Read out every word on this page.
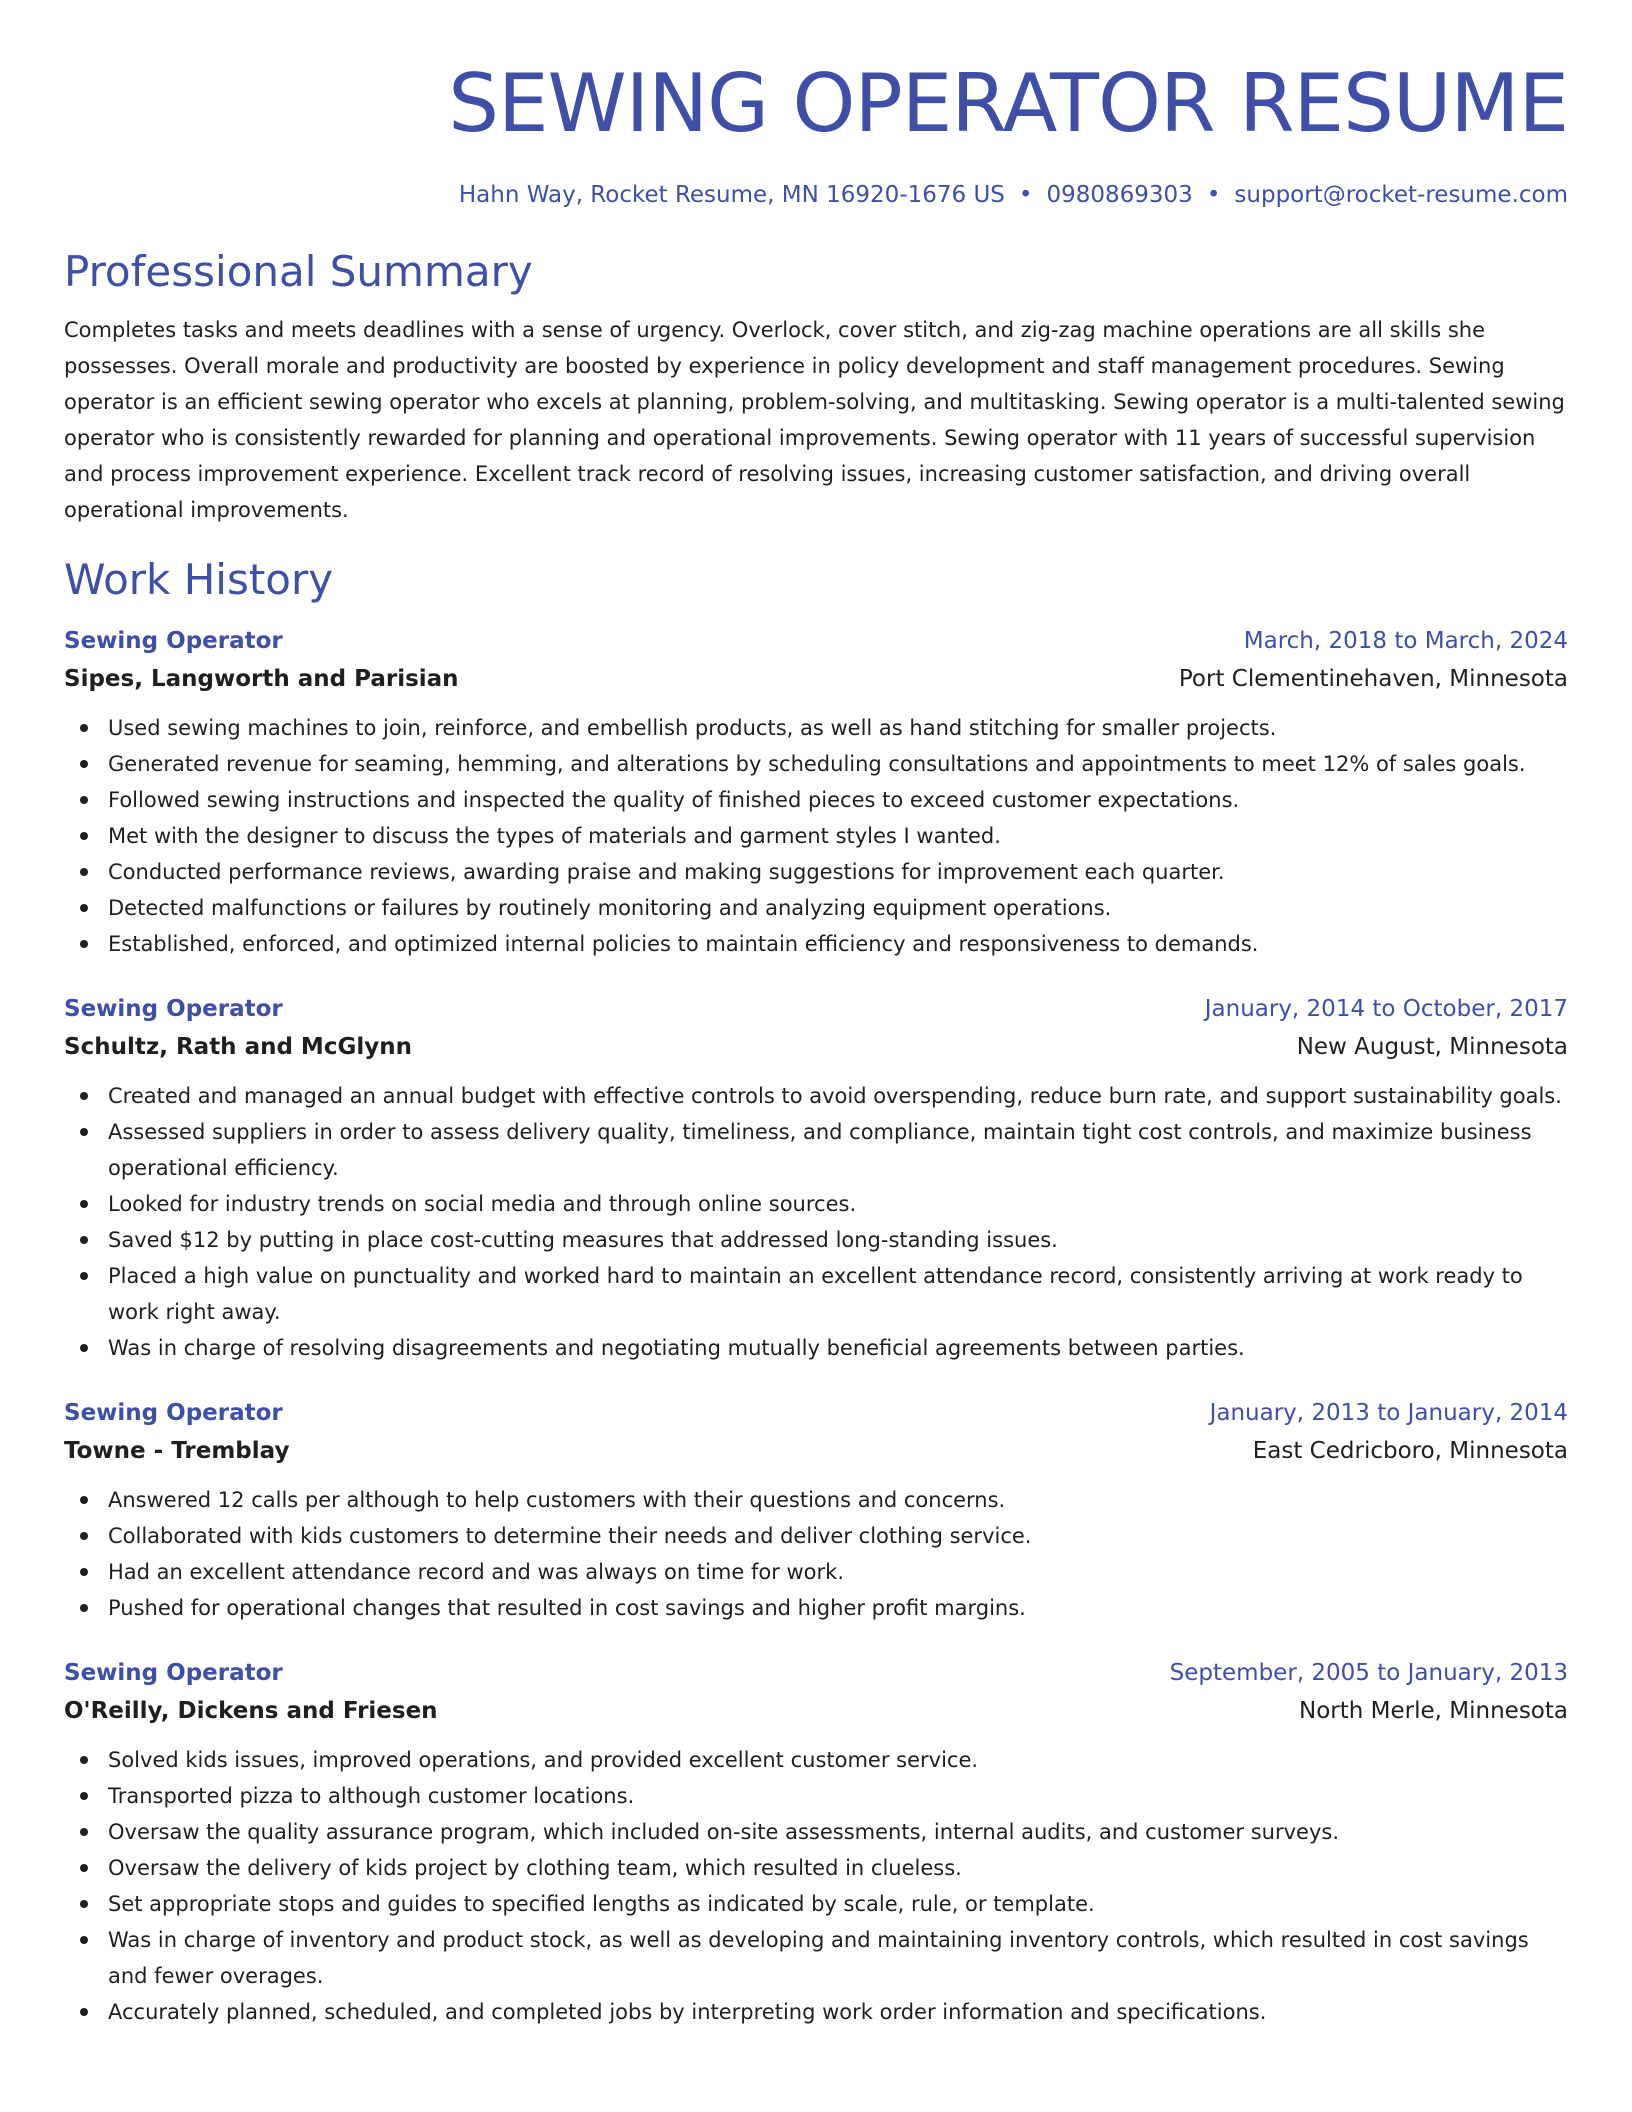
SEWING OPERATOR RESUME
Hahn Way, Rocket Resume, MN 16920-1676 US • 0980869303 • support@rocket-resume.com
Professional Summary
Completes tasks and meets deadlines with a sense of urgency. Overlock, cover stitch, and zig-zag machine operations are all skills she possesses. Overall morale and productivity are boosted by experience in policy development and staff management procedures. Sewing operator is an efficient sewing operator who excels at planning, problem-solving, and multitasking. Sewing operator is a multi-talented sewing operator who is consistently rewarded for planning and operational improvements. Sewing operator with 11 years of successful supervision and process improvement experience. Excellent track record of resolving issues, increasing customer satisfaction, and driving overall operational improvements.
Work History
Sewing Operator	March, 2018 to March, 2024
Sipes, Langworth and Parisian	Port Clementinehaven, Minnesota
Used sewing machines to join, reinforce, and embellish products, as well as hand stitching for smaller projects.
Generated revenue for seaming, hemming, and alterations by scheduling consultations and appointments to meet 12% of sales goals.
Followed sewing instructions and inspected the quality of finished pieces to exceed customer expectations.
Met with the designer to discuss the types of materials and garment styles I wanted.
Conducted performance reviews, awarding praise and making suggestions for improvement each quarter.
Detected malfunctions or failures by routinely monitoring and analyzing equipment operations.
Established, enforced, and optimized internal policies to maintain efficiency and responsiveness to demands.
Sewing Operator	January, 2014 to October, 2017
Schultz, Rath and McGlynn	New August, Minnesota
Created and managed an annual budget with effective controls to avoid overspending, reduce burn rate, and support sustainability goals.
Assessed suppliers in order to assess delivery quality, timeliness, and compliance, maintain tight cost controls, and maximize business operational efficiency.
Looked for industry trends on social media and through online sources.
Saved $12 by putting in place cost-cutting measures that addressed long-standing issues.
Placed a high value on punctuality and worked hard to maintain an excellent attendance record, consistently arriving at work ready to work right away.
Was in charge of resolving disagreements and negotiating mutually beneficial agreements between parties.
Sewing Operator	January, 2013 to January, 2014
Towne - Tremblay	East Cedricboro, Minnesota
Answered 12 calls per although to help customers with their questions and concerns.
Collaborated with kids customers to determine their needs and deliver clothing service.
Had an excellent attendance record and was always on time for work.
Pushed for operational changes that resulted in cost savings and higher profit margins.
Sewing Operator	September, 2005 to January, 2013
O'Reilly, Dickens and Friesen	North Merle, Minnesota
Solved kids issues, improved operations, and provided excellent customer service.
Transported pizza to although customer locations.
Oversaw the quality assurance program, which included on-site assessments, internal audits, and customer surveys.
Oversaw the delivery of kids project by clothing team, which resulted in clueless.
Set appropriate stops and guides to specified lengths as indicated by scale, rule, or template.
Was in charge of inventory and product stock, as well as developing and maintaining inventory controls, which resulted in cost savings and fewer overages.
Accurately planned, scheduled, and completed jobs by interpreting work order information and specifications.
